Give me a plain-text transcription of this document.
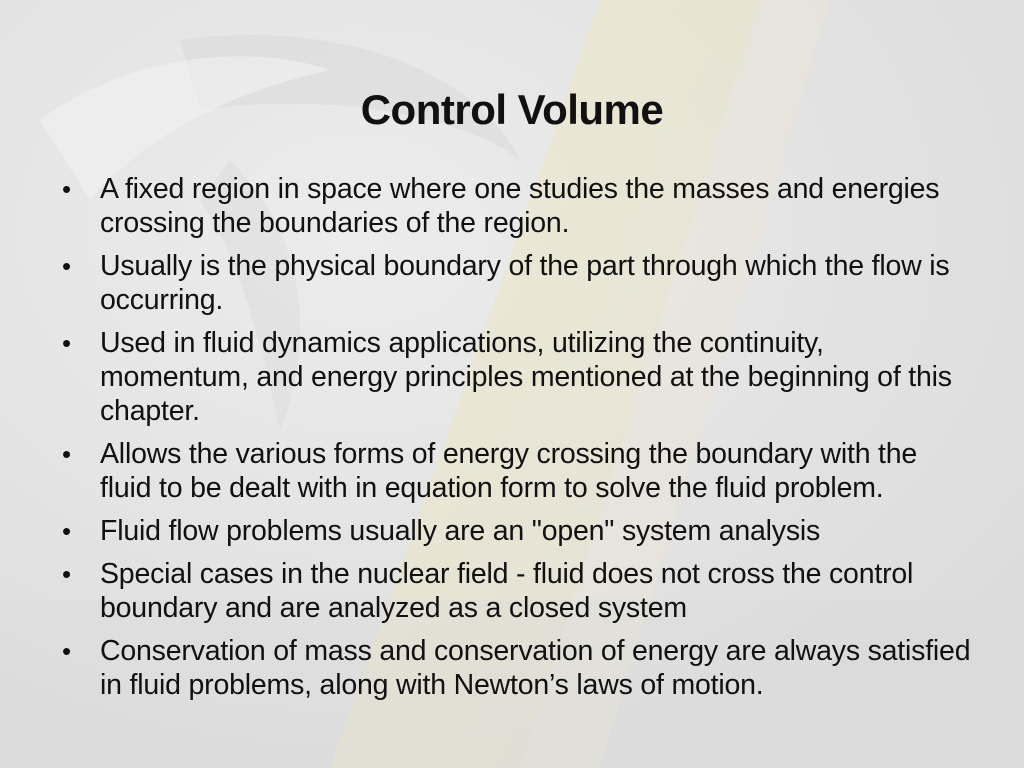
Control Volume
•	A fixed region in space where one studies the masses and energies crossing the boundaries of the region.
•	Usually is the physical boundary of the part through which the flow is occurring.
•	Used in fluid dynamics applications, utilizing the continuity, momentum, and energy principles mentioned at the beginning of this chapter.
•	Allows the various forms of energy crossing the boundary with the fluid to be dealt with in equation form to solve the fluid problem.
•	Fluid flow problems usually are an "open" system analysis
•	Special cases in the nuclear field - fluid does not cross the control boundary and are analyzed as a closed system
•	Conservation of mass and conservation of energy are always satisfied in fluid problems, along with Newton’s laws of motion.
